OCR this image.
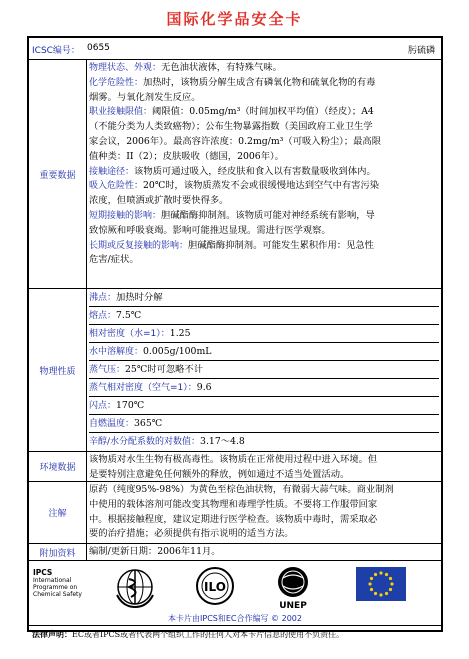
国际化学品安全卡
ICSC编号： 0655	肟硫磷
重要数据
物理状态、外观：无色油状液体，有特殊气味。
化学危险性：加热时，该物质分解生成含有磷氧化物和硫氧化物的有毒
烟雾。与氧化剂发生反应。
职业接触限值：阈限值：0.05mg/m³（时间加权平均值）（经皮）；A4
（不能分类为人类致癌物）；公布生物暴露指数（美国政府工业卫生学
家会议，2006年）。最高容许浓度：0.2mg/m³（可吸入粉尘）；最高限
值种类：II（2）；皮肤吸收（德国，2006年）。
接触途径：该物质可通过吸入，经皮肤和食入以有害数量吸收到体内。
吸入危险性：20℃时，该物质蒸发不会或很缓慢地达到空气中有害污染
浓度，但喷洒或扩散时要快得多。
短期接触的影响：胆碱酯酶抑制剂。该物质可能对神经系统有影响，导
致惊厥和呼吸衰竭。影响可能推迟显现。需进行医学观察。
长期或反复接触的影响：胆碱酯酶抑制剂。可能发生累积作用：见急性
危害/症状。
物理性质
沸点：加热时分解
熔点：7.5℃
相对密度（水=1）：1.25
水中溶解度：0.005g/100mL
蒸气压：25℃时可忽略不计
蒸气相对密度（空气=1）：9.6
闪点：170℃
自燃温度：365℃
辛醇/水分配系数的对数值：3.17～4.8
环境数据
该物质对水生生物有极高毒性。该物质在正常使用过程中进入环境。但
是要特别注意避免任何额外的释放，例如通过不适当处置活动。
注解
原药（纯度95%-98%）为黄色至棕色油状物，有微弱大蒜气味。商业制剂
中使用的载体溶剂可能改变其物理和毒理学性质。不要将工作服带回家
中。根据接触程度，建议定期进行医学检查。该物质中毒时，需采取必
要的治疗措施；必须提供有指示说明的适当方法。
附加资料	编制/更新日期：2006年11月。
IPCS
International
Programme on
Chemical Safety
ILO
UNEP
本卡片由IPCS和EC合作编写 © 2002
法律声明：EC或者IPCS或者代表两个组织工作的任何人对本卡片信息的使用不负责任。
